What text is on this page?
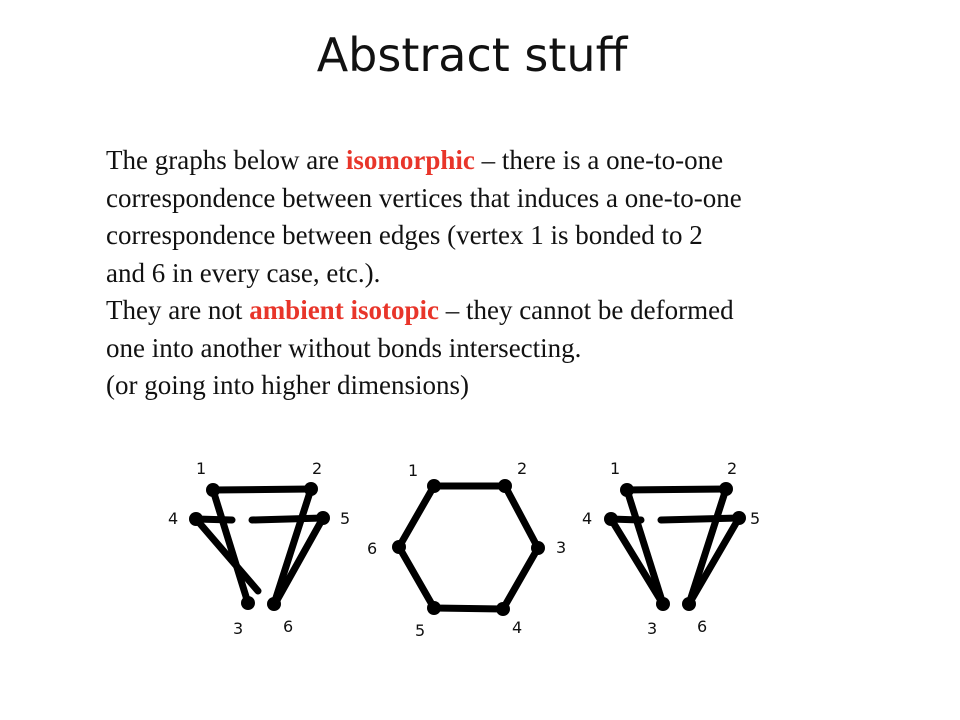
Abstract stuff
The graphs below are isomorphic – there is a one-to-one
correspondence between vertices that induces a one-to-one
correspondence between edges (vertex 1 is bonded to 2
and 6 in every case, etc.).
They are not ambient isotopic – they cannot be deformed
one into another without bonds intersecting.
(or going into higher dimensions)
1	2
4	5
3 6
1	2
6	3
5	4
1	2
4	5
3 6
